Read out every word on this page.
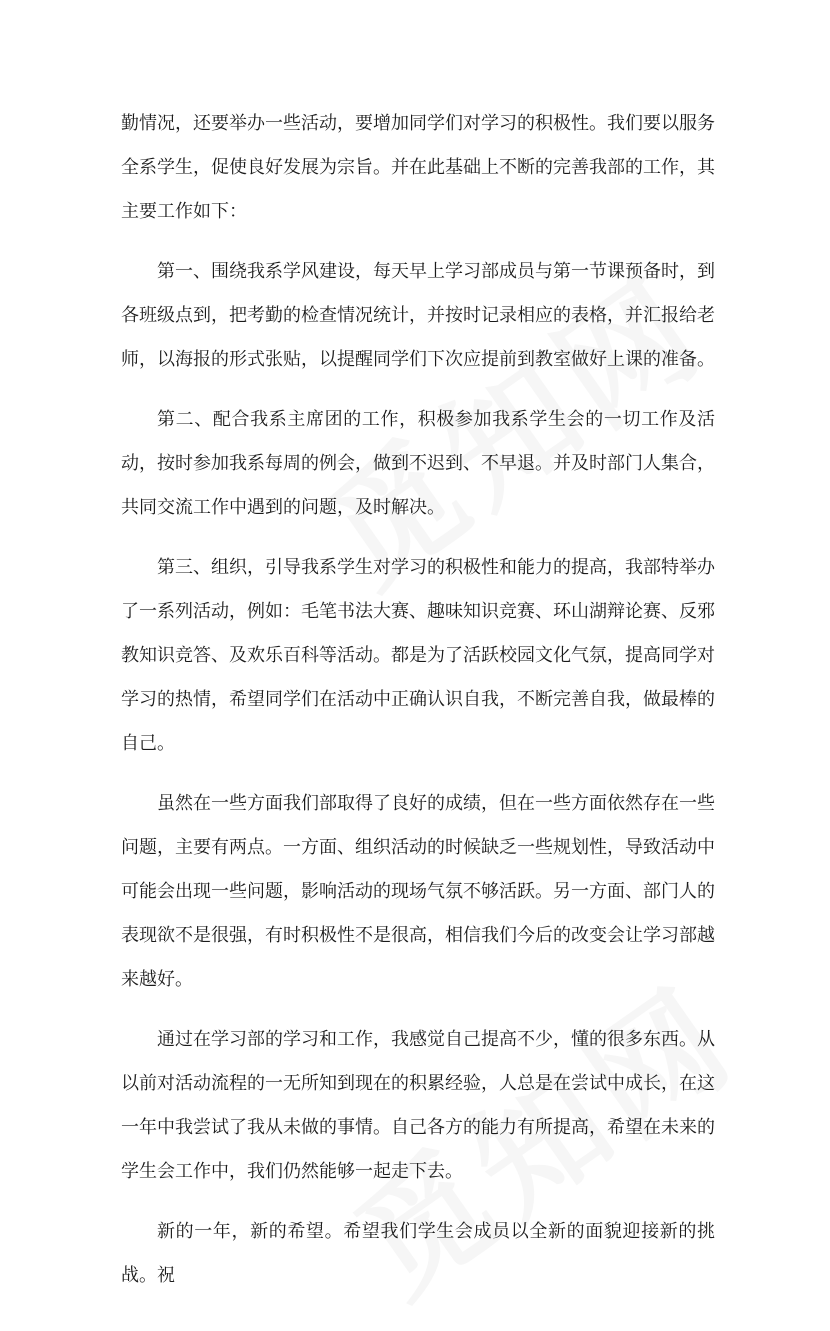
勤情况，还要举办一些活动，要增加同学们对学习的积极性。我们要以服务全系学生，促使良好发展为宗旨。并在此基础上不断的完善我部的工作，其主要工作如下：

第一、围绕我系学风建设，每天早上学习部成员与第一节课预备时，到各班级点到，把考勤的检查情况统计，并按时记录相应的表格，并汇报给老师，以海报的形式张贴，以提醒同学们下次应提前到教室做好上课的准备。

第二、配合我系主席团的工作，积极参加我系学生会的一切工作及活动，按时参加我系每周的例会，做到不迟到、不早退。并及时部门人集合，共同交流工作中遇到的问题，及时解决。

第三、组织，引导我系学生对学习的积极性和能力的提高，我部特举办了一系列活动，例如：毛笔书法大赛、趣味知识竞赛、环山湖辩论赛、反邪教知识竞答、及欢乐百科等活动。都是为了活跃校园文化气氛，提高同学对学习的热情，希望同学们在活动中正确认识自我，不断完善自我，做最棒的自己。

虽然在一些方面我们部取得了良好的成绩，但在一些方面依然存在一些问题，主要有两点。一方面、组织活动的时候缺乏一些规划性，导致活动中可能会出现一些问题，影响活动的现场气氛不够活跃。另一方面、部门人的表现欲不是很强，有时积极性不是很高，相信我们今后的改变会让学习部越来越好。

通过在学习部的学习和工作，我感觉自己提高不少，懂的很多东西。从以前对活动流程的一无所知到现在的积累经验，人总是在尝试中成长，在这一年中我尝试了我从未做的事情。自己各方的能力有所提高，希望在未来的学生会工作中，我们仍然能够一起走下去。

新的一年，新的希望。希望我们学生会成员以全新的面貌迎接新的挑战。祝
